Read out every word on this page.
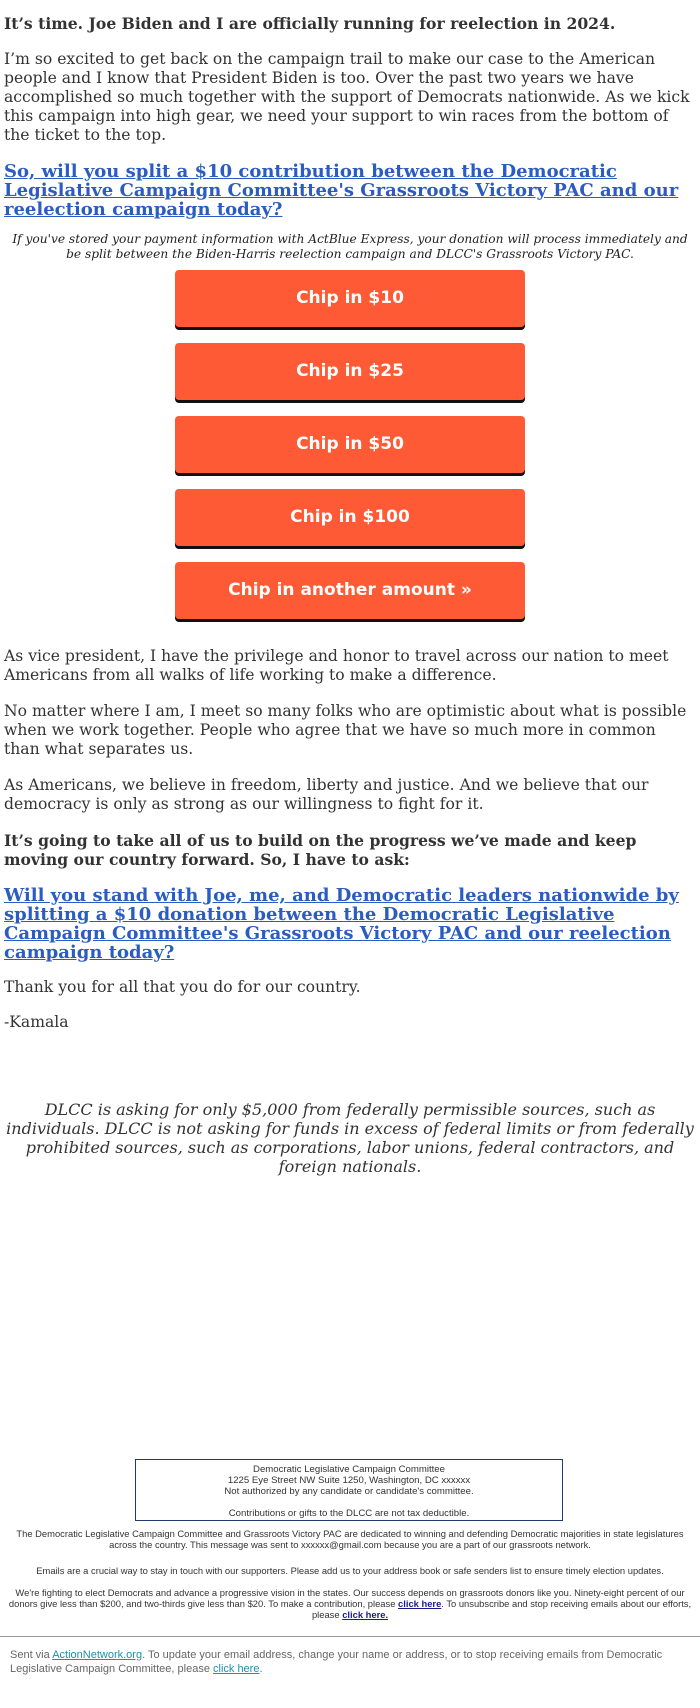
It’s time. Joe Biden and I are officially running for reelection in 2024.

I’m so excited to get back on the campaign trail to make our case to the American people and I know that President Biden is too. Over the past two years we have accomplished so much together with the support of Democrats nationwide. As we kick this campaign into high gear, we need your support to win races from the bottom of the ticket to the top.

So, will you split a $10 contribution between the Democratic Legislative Campaign Committee's Grassroots Victory PAC and our reelection campaign today?

If you've stored your payment information with ActBlue Express, your donation will process immediately and be split between the Biden-Harris reelection campaign and DLCC's Grassroots Victory PAC.

Chip in $10
Chip in $25
Chip in $50
Chip in $100
Chip in another amount »

As vice president, I have the privilege and honor to travel across our nation to meet Americans from all walks of life working to make a difference.

No matter where I am, I meet so many folks who are optimistic about what is possible when we work together. People who agree that we have so much more in common than what separates us.

As Americans, we believe in freedom, liberty and justice. And we believe that our democracy is only as strong as our willingness to fight for it.

It’s going to take all of us to build on the progress we’ve made and keep moving our country forward. So, I have to ask:

Will you stand with Joe, me, and Democratic leaders nationwide by splitting a $10 donation between the Democratic Legislative Campaign Committee's Grassroots Victory PAC and our reelection campaign today?

Thank you for all that you do for our country.

-Kamala

DLCC is asking for only $5,000 from federally permissible sources, such as individuals. DLCC is not asking for funds in excess of federal limits or from federally prohibited sources, such as corporations, labor unions, federal contractors, and foreign nationals.

Democratic Legislative Campaign Committee
1225 Eye Street NW Suite 1250, Washington, DC xxxxxx
Not authorized by any candidate or candidate's committee.
Contributions or gifts to the DLCC are not tax deductible.

The Democratic Legislative Campaign Committee and Grassroots Victory PAC are dedicated to winning and defending Democratic majorities in state legislatures across the country. This message was sent to xxxxxx@gmail.com because you are a part of our grassroots network.

Emails are a crucial way to stay in touch with our supporters. Please add us to your address book or safe senders list to ensure timely election updates.

We're fighting to elect Democrats and advance a progressive vision in the states. Our success depends on grassroots donors like you. Ninety-eight percent of our donors give less than $200, and two-thirds give less than $20. To make a contribution, please click here. To unsubscribe and stop receiving emails about our efforts, please click here.

Sent via ActionNetwork.org. To update your email address, change your name or address, or to stop receiving emails from Democratic Legislative Campaign Committee, please click here.
